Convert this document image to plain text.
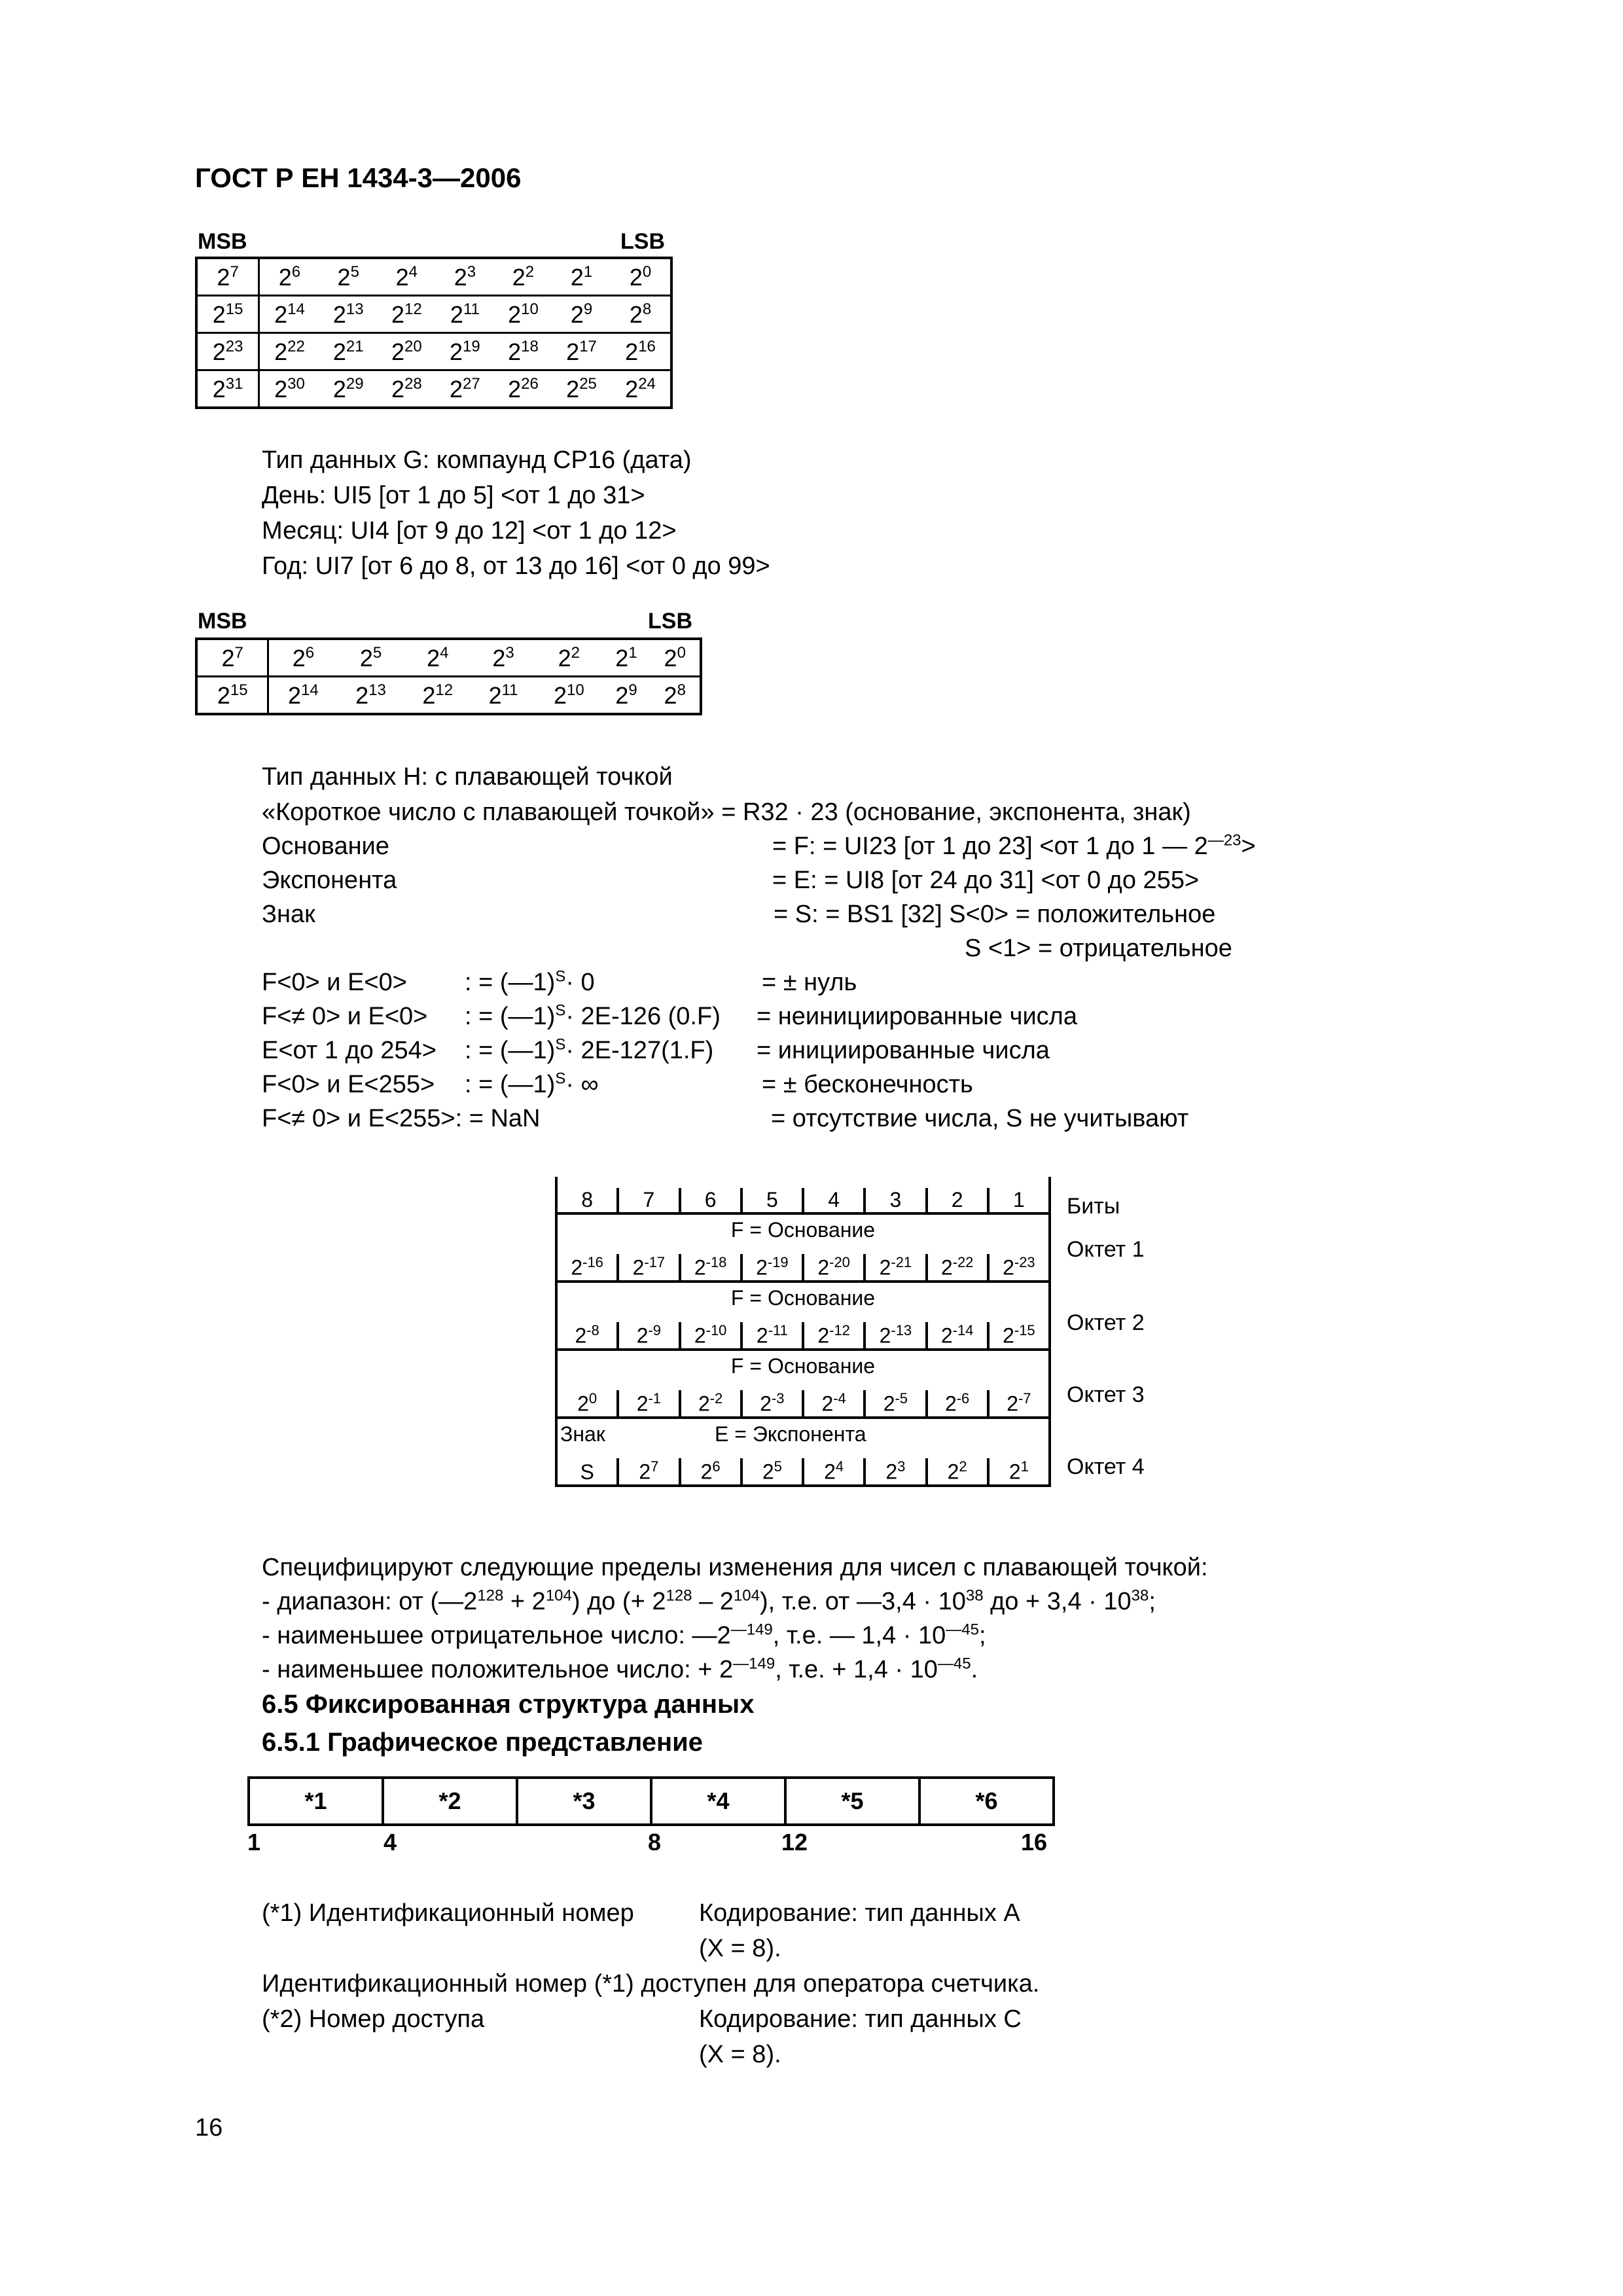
ГОСТ Р ЕН 1434-3—2006
MSB	LSB
$2^7$	$2^6$	$2^5$	$2^4$	$2^3$	$2^2$	$2^1$	$2^0$
$2^{15}$	$2^{14}$	$2^{13}$	$2^{12}$	$2^{11}$	$2^{10}$	$2^9$	$2^8$
$2^{23}$	$2^{22}$	$2^{21}$	$2^{20}$	$2^{19}$	$2^{18}$	$2^{17}$	$2^{16}$
$2^{31}$	$2^{30}$	$2^{29}$	$2^{28}$	$2^{27}$	$2^{26}$	$2^{25}$	$2^{24}$
Тип данных G: компаунд CP16 (дата)
День: UI5 [от 1 до 5] <от 1 до 31>
Месяц: UI4 [от 9 до 12] <от 1 до 12>
Год: UI7 [от 6 до 8, от 13 до 16] <от 0 до 99>
MSB	LSB
$2^7$	$2^6$	$2^5$	$2^4$	$2^3$	$2^2$	$2^1$	$2^0$
$2^{15}$	$2^{14}$	$2^{13}$	$2^{12}$	$2^{11}$	$2^{10}$	$2^9$	$2^8$
Тип данных H: с плавающей точкой
«Короткое число с плавающей точкой» = R32 · 23 (основание, экспонента, знак)
Основание	= F: = UI23 [от 1 до 23] <от 1 до 1 — $2^{—23}>$
Экспонента	= E: = UI8 [от 24 до 31] <от 0 до 255>
Знак	= S: = BS1 [32] S<0> = положительное
S <1> = отрицательное
F<0> и E<0> : = (—1)$^S$· 0	= ± нуль
F<≠ 0> и E<0> : = (—1)$^S$· 2E-126 (0.F) = неинициированные числа
E<от 1 до 254> : = (—1)$^S$· 2E-127(1.F) = инициированные числа
F<0> и E<255> : = (—1)$^S$· ∞	= ± бесконечность
F<≠ 0> и E<255>: = NaN	= отсутствие числа, S не учитывают
8	7	6	5	4	3	2	1
F = Основание
$2^{-16}$	$2^{-17}$	$2^{-18}$	$2^{-19}$	$2^{-20}$	$2^{-21}$	$2^{-22}$	$2^{-23}$
F = Основание
$2^{-8}$	$2^{-9}$	$2^{-10}$	$2^{-11}$	$2^{-12}$	$2^{-13}$	$2^{-14}$	$2^{-15}$
F = Основание
$2^0$	$2^{-1}$	$2^{-2}$	$2^{-3}$	$2^{-4}$	$2^{-5}$	$2^{-6}$	$2^{-7}$
Знак	E = Экспонента
S	$2^7$	$2^6$	$2^5$	$2^4$	$2^3$	$2^2$	$2^1$
Биты
Октет 1
Октет 2
Октет 3
Октет 4
Специфицируют следующие пределы изменения для чисел с плавающей точкой:
- диапазон: от $(—2^{128} + 2^{104})$ до (+ $2^{128} - 2^{104}$), т.е. от —3,4 · $10^{38}$ до + $3,4 \cdot 10^{38}$;
- наименьшее отрицательное число: $—2^{—149}$, т.е. — $1,4 \cdot 10^{—45}$;
- наименьшее положительное число: + $2^{—149}$, т.е. + $1,4 \cdot 10^{—45}$.
6.5 Фиксированная структура данных
6.5.1 Графическое представление
*1	*2	*3	*4	*5	*6
1	4	8	12	16
(*1) Идентификационный номер	Кодирование: тип данных А
(X = 8).
Идентификационный номер (*1) доступен для оператора счетчика.
(*2) Номер доступа	Кодирование: тип данных С
(X = 8).
16
